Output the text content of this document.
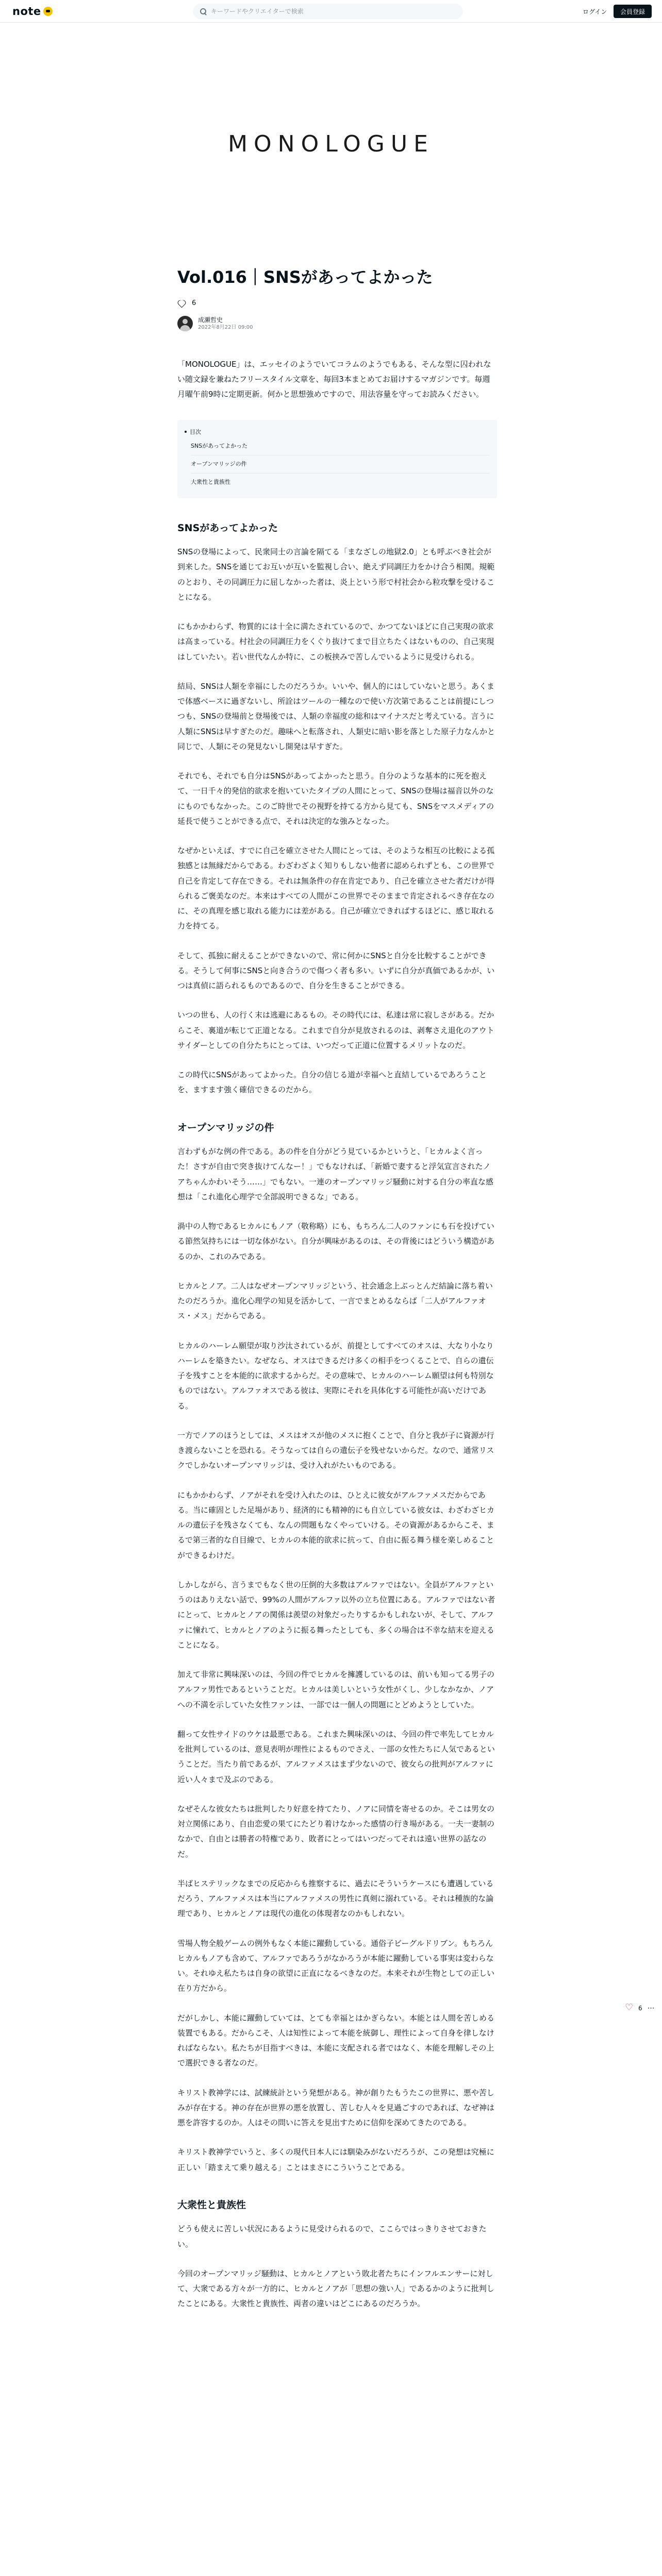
note
キーワードやクリエイターで検索	ログイン	会員登録
MONOLOGUE
Vol.016｜SNSがあってよかった
6
成瀬哲史
2022年8月22日 09:00

「MONOLOGUE」は、エッセイのようでいてコラムのようでもある、そんな型に囚われない随文録を兼ねたフリースタイル文章を、毎回3本まとめてお届けするマガジンです。毎週月曜午前9時に定期更新。何かと思想強めですので、用法容量を守ってお読みください。

目次
SNSがあってよかった
オープンマリッジの件
大衆性と貴族性
SNSがあってよかった

SNSの登場によって、民衆同士の言論を隔てる「まなざしの地獄2.0」とも呼ぶべき社会が到来した。SNSを通じてお互いが互いを監視し合い、絶えず同調圧力をかけ合う相関。規範のとおり、その同調圧力に屈しなかった者は、炎上という形で村社会から粒攻撃を受けることになる。

にもかかわらず、物質的には十全に満たされているので、かつてないほどに自己実現の欲求は高まっている。村社会の同調圧力をくぐり抜けてまで目立ちたくはないものの、自己実現はしていたい。若い世代なんか特に、この板挟みで苦しんでいるように見受けられる。

結局、SNSは人類を幸福にしたのだろうか。いいや、個人的にはしていないと思う。あくまで体感ベースに過ぎないし、所詮はツールの一種なので使い方次第であることは前提にしつつも、SNSの登場前と登場後では、人類の幸福度の総和はマイナスだと考えている。言うに人類にSNSは早すぎたのだ。趣味へと転落され、人類史に暗い影を落とした原子力なんかと同じで、人類にその発見ないし開発は早すぎた。

それでも、それでも自分はSNSがあってよかったと思う。自分のような基本的に死を抱えて、一日千々的発信的欲求を抱いていたタイプの人間にとって、SNSの登場は福音以外のなにものでもなかった。このご時世でその視野を持てる方から見ても、SNSをマスメディアの延長で使うことができる点で、それは決定的な強みとなった。

なぜかといえば、すでに自己を確立させた人間にとっては、そのような相互の比較による孤独感とは無縁だからである。わざわざよく知りもしない他者に認められずとも、この世界で自己を肯定して存在できる。それは無条件の存在肯定であり、自己を確立させた者だけが得られるご褒美なのだ。本来はすべての人間がこの世界でそのままで肯定されるべき存在なのに、その真理を感じ取れる能力には差がある。自己が確立できればするほどに、感じ取れる力を持てる。

そして、孤独に耐えることができないので、常に何かにSNSと自分を比較することができる。そうして何事にSNSと向き合うので傷つく者も多い。いずに自分が真価であるかが、いつは真偵に語られるものであるので、自分を生きることができる。

いつの世も、人の行く末は逃避にあるもの。その時代には、私達は常に寂しさがある。だからこそ、裏道が転じて正道となる。これまで自分が見放されるのは、剥奪さえ退化のアウトサイダーとしての自分たちにとっては、いつだって正道に位置するメリットなのだ。

この時代にSNSがあってよかった。自分の信じる道が幸福へと直結しているであろうことを、ますます強く確信できるのだから。

オープンマリッジの件

言わずもがな例の件である。あの件を自分がどう見ているかというと、「ヒカルよく言った！さすが自由で突き抜けてんなー！」でもなければ、「新婚で妻すると浮気宣言されたノアちゃんかわいそう……」でもない。一連のオープンマリッジ騒動に対する自分の率直な感想は「これ進化心理学で全部説明できるな」である。

渦中の人物であるヒカルにもノア（敬称略）にも、もちろん二人のファンにも石を投げている節然気持ちには一切な体がない。自分が興味があるのは、その背後にはどういう構造があるのか、これのみである。

ヒカルとノア。二人はなぜオープンマリッジという、社会通念上ぶっとんだ結論に落ち着いたのだろうか。進化心理学の知見を活かして、一言でまとめるならば「二人がアルファオス・メス」だからである。

ヒカルのハーレム願望が取り沙汰されているが、前提としてすべてのオスは、大なり小なりハーレムを築きたい。なぜなら、オスはできるだけ多くの相手をつくることで、自らの遺伝子を残すことを本能的に欲求するからだ。その意味で、ヒカルのハーレム願望は何も特別なものではない。アルファオスである彼は、実際にそれを具体化する可能性が高いだけである。

一方でノアのほうとしては、メスはオスが他のメスに抱くことで、自分と我が子に資源が行き渡らないことを恐れる。そうなっては自らの遺伝子を残せないからだ。なので、通常リスクでしかないオープンマリッジは、受け入れがたいものである。

にもかかわらず、ノアがそれを受け入れたのは、ひとえに彼女がアルファメスだからである。当に確固とした足場があり、経済的にも精神的にも自立している彼女は、わざわざヒカルの遺伝子を残さなくても、なんの問題もなくやっていける。その資源があるからこそ、まるで第三者的な自目線で、ヒカルの本能的欲求に抗って、自由に振る舞う様を楽しめることができるわけだ。

しかしながら、言うまでもなく世の圧倒的大多数はアルファではない。全員がアルファというのはありえない話で、99%の人間がアルファ以外の立ち位置にある。アルファではない者にとって、ヒカルとノアの関係は羨望の対象だったりするかもしれないが、そして、アルファに憧れて、ヒカルとノアのように振る舞ったとしても、多くの場合は不幸な結末を迎えることになる。

加えて非常に興味深いのは、今回の件でヒカルを擁護しているのは、前いも知ってる男子のアルファ男性であるということだ。ヒカルは美しいという女性がくし、少しなかなか、ノアへの不満を示していた女性ファンは、一部では一個人の問題にとどめようとしていた。

翻って女性サイドのウケは最悪である。これまた興味深いのは、今回の件で率先してヒカルを批判しているのは、意見表明が理性によるものでさえ、一部の女性たちに人気であるということだ。当たり前であるが、アルファメスはまず少ないので、彼女らの批判がアルファに近い人々まで及ぶのである。

なぜそんな彼女たちは批判したり好意を持てたり、ノアに同情を寄せるのか。そこは男女の対立関係にあり、自由恋愛の果てにたどり着けなかった感情の行き場がある。一夫一妻制のなかで、自由とは勝者の特権であり、敗者にとってはいつだってそれは遠い世界の話なのだ。

半ばヒステリックなまでの反応からも推察するに、過去にそういうケースにも遭遇しているだろう、アルファメスは本当にアルファメスの男性に真剣に溺れている。それは種族的な論理であり、ヒカルとノアは現代の進化の体現者なのかもしれない。

雪場人物全般ゲームの例外もなく本能に躍動している。通俗子ビーグルドリブン。もちろんヒカルもノアも含めて、アルファであろうがなかろうが本能に躍動している事実は変わらない。それゆえ私たちは自身の欲望に正直になるべきなのだ。本来それが生物としての正しい在り方だから。

だがしかし、本能に躍動していては、とても幸福とはかぎらない。本能とは人間を苦しめる装置でもある。だからこそ、人は知性によって本能を統御し、理性によって自身を律しなければならない。私たちが目指すべきは、本能に支配される者ではなく、本能を理解しその上で選択できる者なのだ。

キリスト教神学には、試練統計という発想がある。神が創りたもうたこの世界に、悪や苦しみが存在する。神の存在が世界の悪を放置し、苦しむ人々を見過ごすのであれば、なぜ神は悪を許容するのか。人はその問いに答えを見出すために信仰を深めてきたのである。

キリスト教神学でいうと、多くの現代日本人には馴染みがないだろうが、この発想は究極に正しい「踏まえて乗り越える」ことはまさにこういうことである。

大衆性と貴族性

どうも使えに苦しい状況にあるように見受けられるので、ここらではっきりさせておきたい。

今回のオープンマリッジ騒動は、ヒカルとノアという敗北者たちにインフルエンサーに対して、大衆である方々が一方的に、ヒカルとノアが「思想の強い人」であるかのように批判したことにある。大衆性と貴族性、両者の違いはどこにあるのだろうか。

♡
6 ⋯
